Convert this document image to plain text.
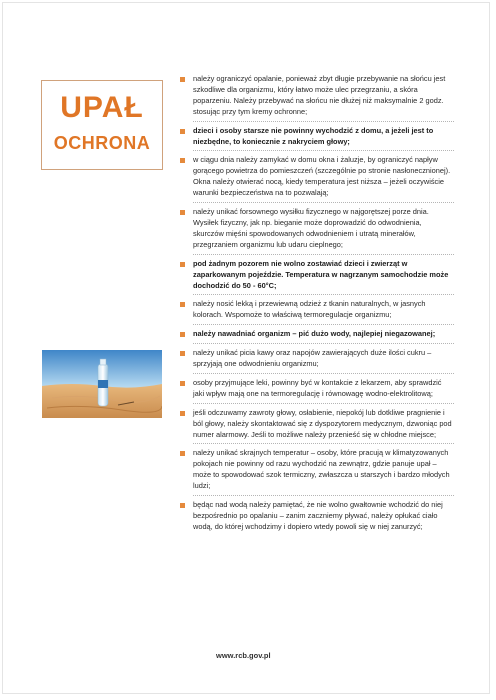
UPAŁ
OCHRONA
należy ograniczyć opalanie, ponieważ zbyt długie przebywanie na słońcu jest szkodliwe dla organizmu, który łatwo może ulec przegrzaniu, a skóra poparzeniu. Należy przebywać na słońcu nie dłużej niż maksymalnie 2 godz. stosując przy tym kremy ochronne;
dzieci i osoby starsze nie powinny wychodzić z domu, a jeżeli jest to niezbędne, to koniecznie z nakryciem głowy;
w ciągu dnia należy zamykać w domu okna i żaluzje, by ograniczyć napływ gorącego powietrza do pomieszczeń (szczególnie po stronie nasłonecznionej). Okna należy otwierać nocą, kiedy temperatura jest niższa – jeżeli oczywiście warunki bezpieczeństwa na to pozwalają;
należy unikać forsownego wysiłku fizycznego w najgorętszej porze dnia. Wysiłek fizyczny, jak np. bieganie może doprowadzić do odwodnienia, skurczów mięśni spowodowanych odwodnieniem i utratą minerałów, przegrzaniem organizmu lub udaru cieplnego;
pod żadnym pozorem nie wolno zostawiać dzieci i zwierząt w zaparkowanym pojeździe. Temperatura w nagrzanym samochodzie może dochodzić do 50 - 60°C;
należy nosić lekką i przewiewną odzież z tkanin naturalnych, w jasnych kolorach. Wspomoże to właściwą termoregulacje organizmu;
należy nawadniać organizm – pić dużo wody, najlepiej niegazowanej;
należy unikać picia kawy oraz napojów zawierających duże ilości cukru – sprzyjają one odwodnieniu organizmu;
osoby przyjmujące leki, powinny być w kontakcie z lekarzem, aby sprawdzić jaki wpływ mają one na termoregulację i równowagę wodno-elektrolitową;
jeśli odczuwamy zawroty głowy, osłabienie, niepokój lub dotkliwe pragnienie i ból głowy, należy skontaktować się z dyspozytorem medycznym, dzwoniąc pod numer alarmowy. Jeśli to możliwe należy przenieść się w chłodne miejsce;
należy unikać skrajnych temperatur – osoby, które pracują w klimatyzowanych pokojach nie powinny od razu wychodzić na zewnątrz, gdzie panuje upał – może to spowodować szok termiczny, zwłaszcza u starszych i bardzo młodych ludzi;
będąc nad wodą należy pamiętać, że nie wolno gwałtownie wchodzić do niej bezpośrednio po opalaniu – zanim zaczniemy pływać, należy opłukać ciało wodą, do której wchodzimy i dopiero wtedy powoli się w niej zanurzyć;
www.rcb.gov.pl
